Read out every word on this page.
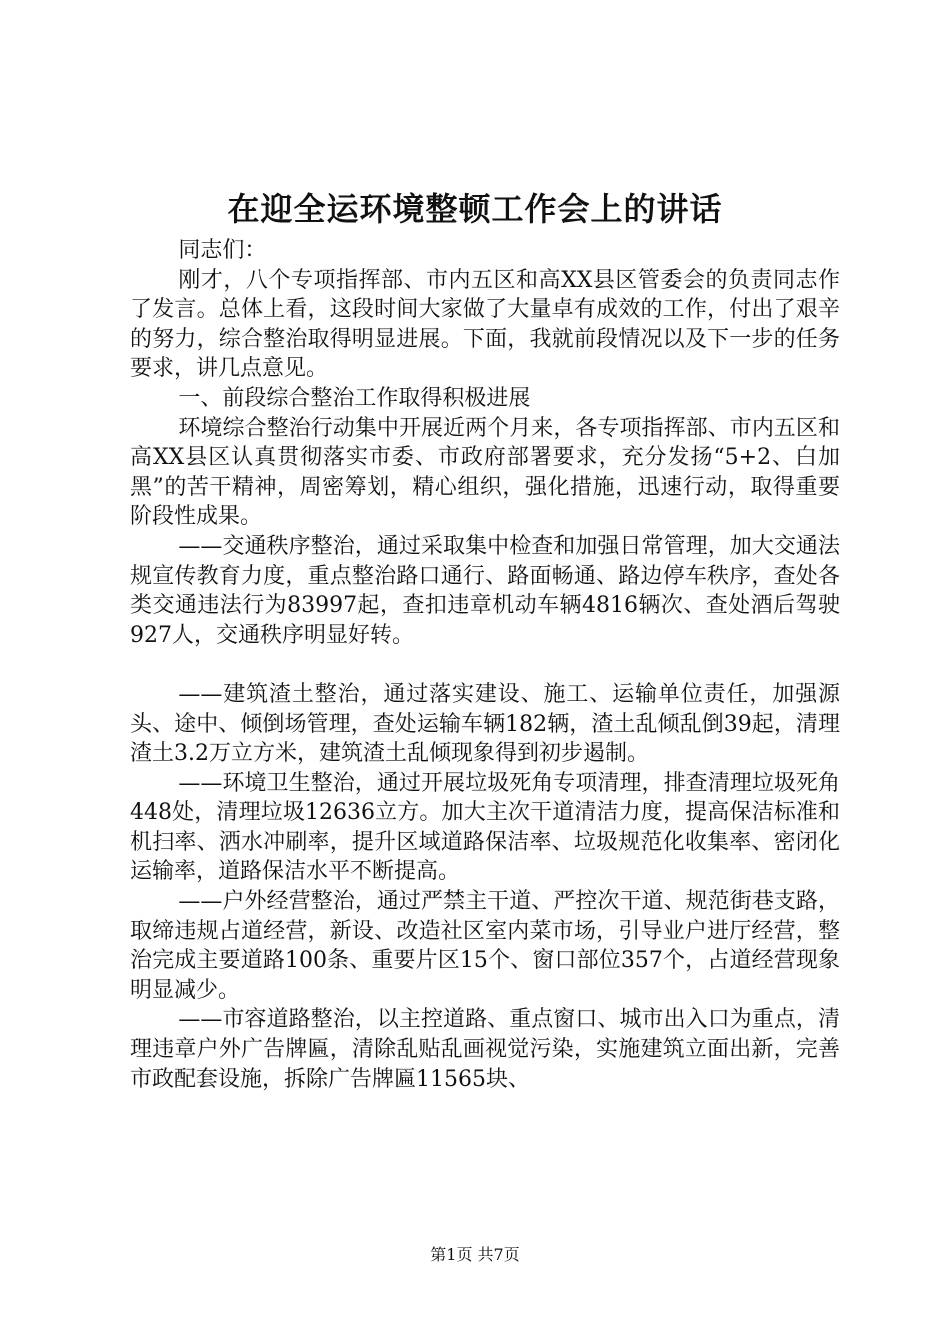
在迎全运环境整顿工作会上的讲话

同志们：

刚才，八个专项指挥部、市内五区和高XX县区管委会的负责同志作了发言。总体上看，这段时间大家做了大量卓有成效的工作，付出了艰辛的努力，综合整治取得明显进展。下面，我就前段情况以及下一步的任务要求，讲几点意见。

一、前段综合整治工作取得积极进展

环境综合整治行动集中开展近两个月来，各专项指挥部、市内五区和高XX县区认真贯彻落实市委、市政府部署要求，充分发扬“5+2、白加黑”的苦干精神，周密筹划，精心组织，强化措施，迅速行动，取得重要阶段性成果。

——交通秩序整治，通过采取集中检查和加强日常管理，加大交通法规宣传教育力度，重点整治路口通行、路面畅通、路边停车秩序，查处各类交通违法行为83997起，查扣违章机动车辆4816辆次、查处酒后驾驶927人，交通秩序明显好转。

——建筑渣土整治，通过落实建设、施工、运输单位责任，加强源头、途中、倾倒场管理，查处运输车辆182辆，渣土乱倾乱倒39起，清理渣土3.2万立方米，建筑渣土乱倾现象得到初步遏制。

——环境卫生整治，通过开展垃圾死角专项清理，排查清理垃圾死角448处，清理垃圾12636立方。加大主次干道清洁力度，提高保洁标准和机扫率、洒水冲刷率，提升区域道路保洁率、垃圾规范化收集率、密闭化运输率，道路保洁水平不断提高。

——户外经营整治，通过严禁主干道、严控次干道、规范街巷支路，取缔违规占道经营，新设、改造社区室内菜市场，引导业户进厅经营，整治完成主要道路100条、重要片区15个、窗口部位357个，占道经营现象明显减少。

——市容道路整治，以主控道路、重点窗口、城市出入口为重点，清理违章户外广告牌匾，清除乱贴乱画视觉污染，实施建筑立面出新，完善市政配套设施，拆除广告牌匾11565块、

第1页 共7页
